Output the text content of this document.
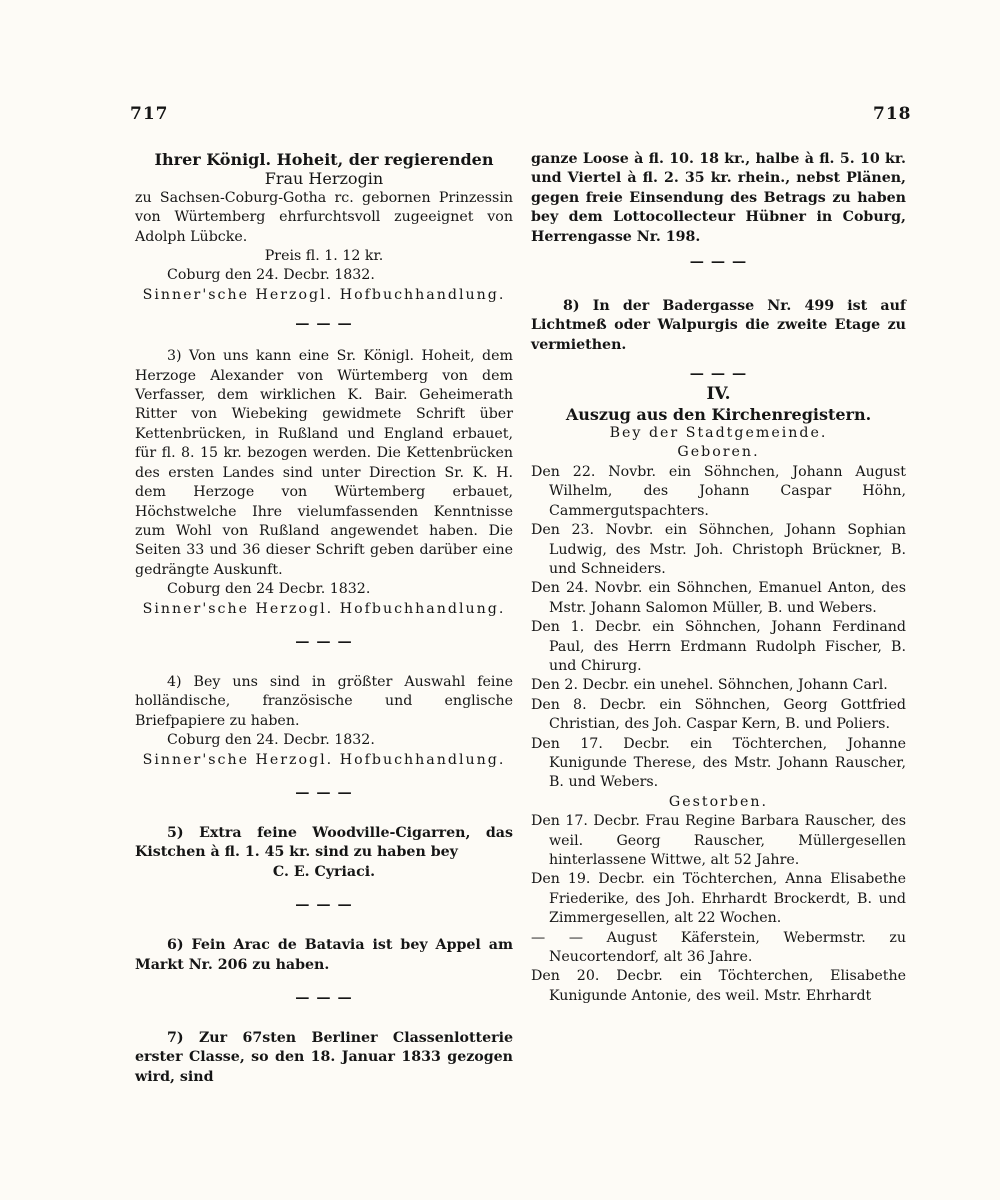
717	718

Ihrer Königl. Hoheit, der regierenden

Frau Herzogin

zu Sachsen-Coburg-Gotha rc. gebornen Prinzessin von Würtemberg ehrfurchtsvoll zugeeignet von Adolph Lübcke.

Preis fl. 1. 12 kr.

Coburg den 24. Decbr. 1832.

Sinner'sche Herzogl. Hofbuchhandlung.

— — —

3) Von uns kann eine Sr. Königl. Hoheit, dem Herzoge Alexander von Würtemberg von dem Verfasser, dem wirklichen K. Bair. Geheimerath Ritter von Wiebeking gewidmete Schrift über Kettenbrücken, in Rußland und England erbauet, für fl. 8. 15 kr. bezogen werden. Die Kettenbrücken des ersten Landes sind unter Direction Sr. K. H. dem Herzoge von Würtemberg erbauet, Höchstwelche Ihre vielumfassenden Kenntnisse zum Wohl von Rußland angewendet haben. Die Seiten 33 und 36 dieser Schrift geben darüber eine gedrängte Auskunft.

Coburg den 24 Decbr. 1832.

Sinner'sche Herzogl. Hofbuchhandlung.

— — —

4) Bey uns sind in größter Auswahl feine holländische, französische und englische Briefpapiere zu haben.

Coburg den 24. Decbr. 1832.

Sinner'sche Herzogl. Hofbuchhandlung.

— — —

5) Extra feine Woodville-Cigarren, das Kistchen à fl. 1. 45 kr. sind zu haben bey

C. E. Cyriaci.

— — —

6) Fein Arac de Batavia ist bey Appel am Markt Nr. 206 zu haben.

— — —

7) Zur 67sten Berliner Classenlotterie erster Classe, so den 18. Januar 1833 gezogen wird, sind

ganze Loose à fl. 10. 18 kr., halbe à fl. 5. 10 kr. und Viertel à fl. 2. 35 kr. rhein., nebst Plänen, gegen freie Einsendung des Betrags zu haben bey dem Lottocollecteur Hübner in Coburg, Herrengasse Nr. 198.

— — —

8) In der Badergasse Nr. 499 ist auf Lichtmeß oder Walpurgis die zweite Etage zu vermiethen.

— — —

IV.

Auszug aus den Kirchenregistern.

Bey der Stadtgemeinde.

Geboren.

Den 22. Novbr. ein Söhnchen, Johann August Wilhelm, des Johann Caspar Höhn, Cammergutspachters.

Den 23. Novbr. ein Söhnchen, Johann Sophian Ludwig, des Mstr. Joh. Christoph Brückner, B. und Schneiders.

Den 24. Novbr. ein Söhnchen, Emanuel Anton, des Mstr. Johann Salomon Müller, B. und Webers.

Den 1. Decbr. ein Söhnchen, Johann Ferdinand Paul, des Herrn Erdmann Rudolph Fischer, B. und Chirurg.

Den 2. Decbr. ein unehel. Söhnchen, Johann Carl.

Den 8. Decbr. ein Söhnchen, Georg Gottfried Christian, des Joh. Caspar Kern, B. und Poliers.

Den 17. Decbr. ein Töchterchen, Johanne Kunigunde Therese, des Mstr. Johann Rauscher, B. und Webers.

Gestorben.

Den 17. Decbr. Frau Regine Barbara Rauscher, des weil. Georg Rauscher, Müllergesellen hinterlassene Wittwe, alt 52 Jahre.

Den 19. Decbr. ein Töchterchen, Anna Elisabethe Friederike, des Joh. Ehrhardt Brockerdt, B. und Zimmergesellen, alt 22 Wochen.

— — August Käferstein, Webermstr. zu Neucortendorf, alt 36 Jahre.

Den 20. Decbr. ein Töchterchen, Elisabethe Kunigunde Antonie, des weil. Mstr. Ehrhardt
